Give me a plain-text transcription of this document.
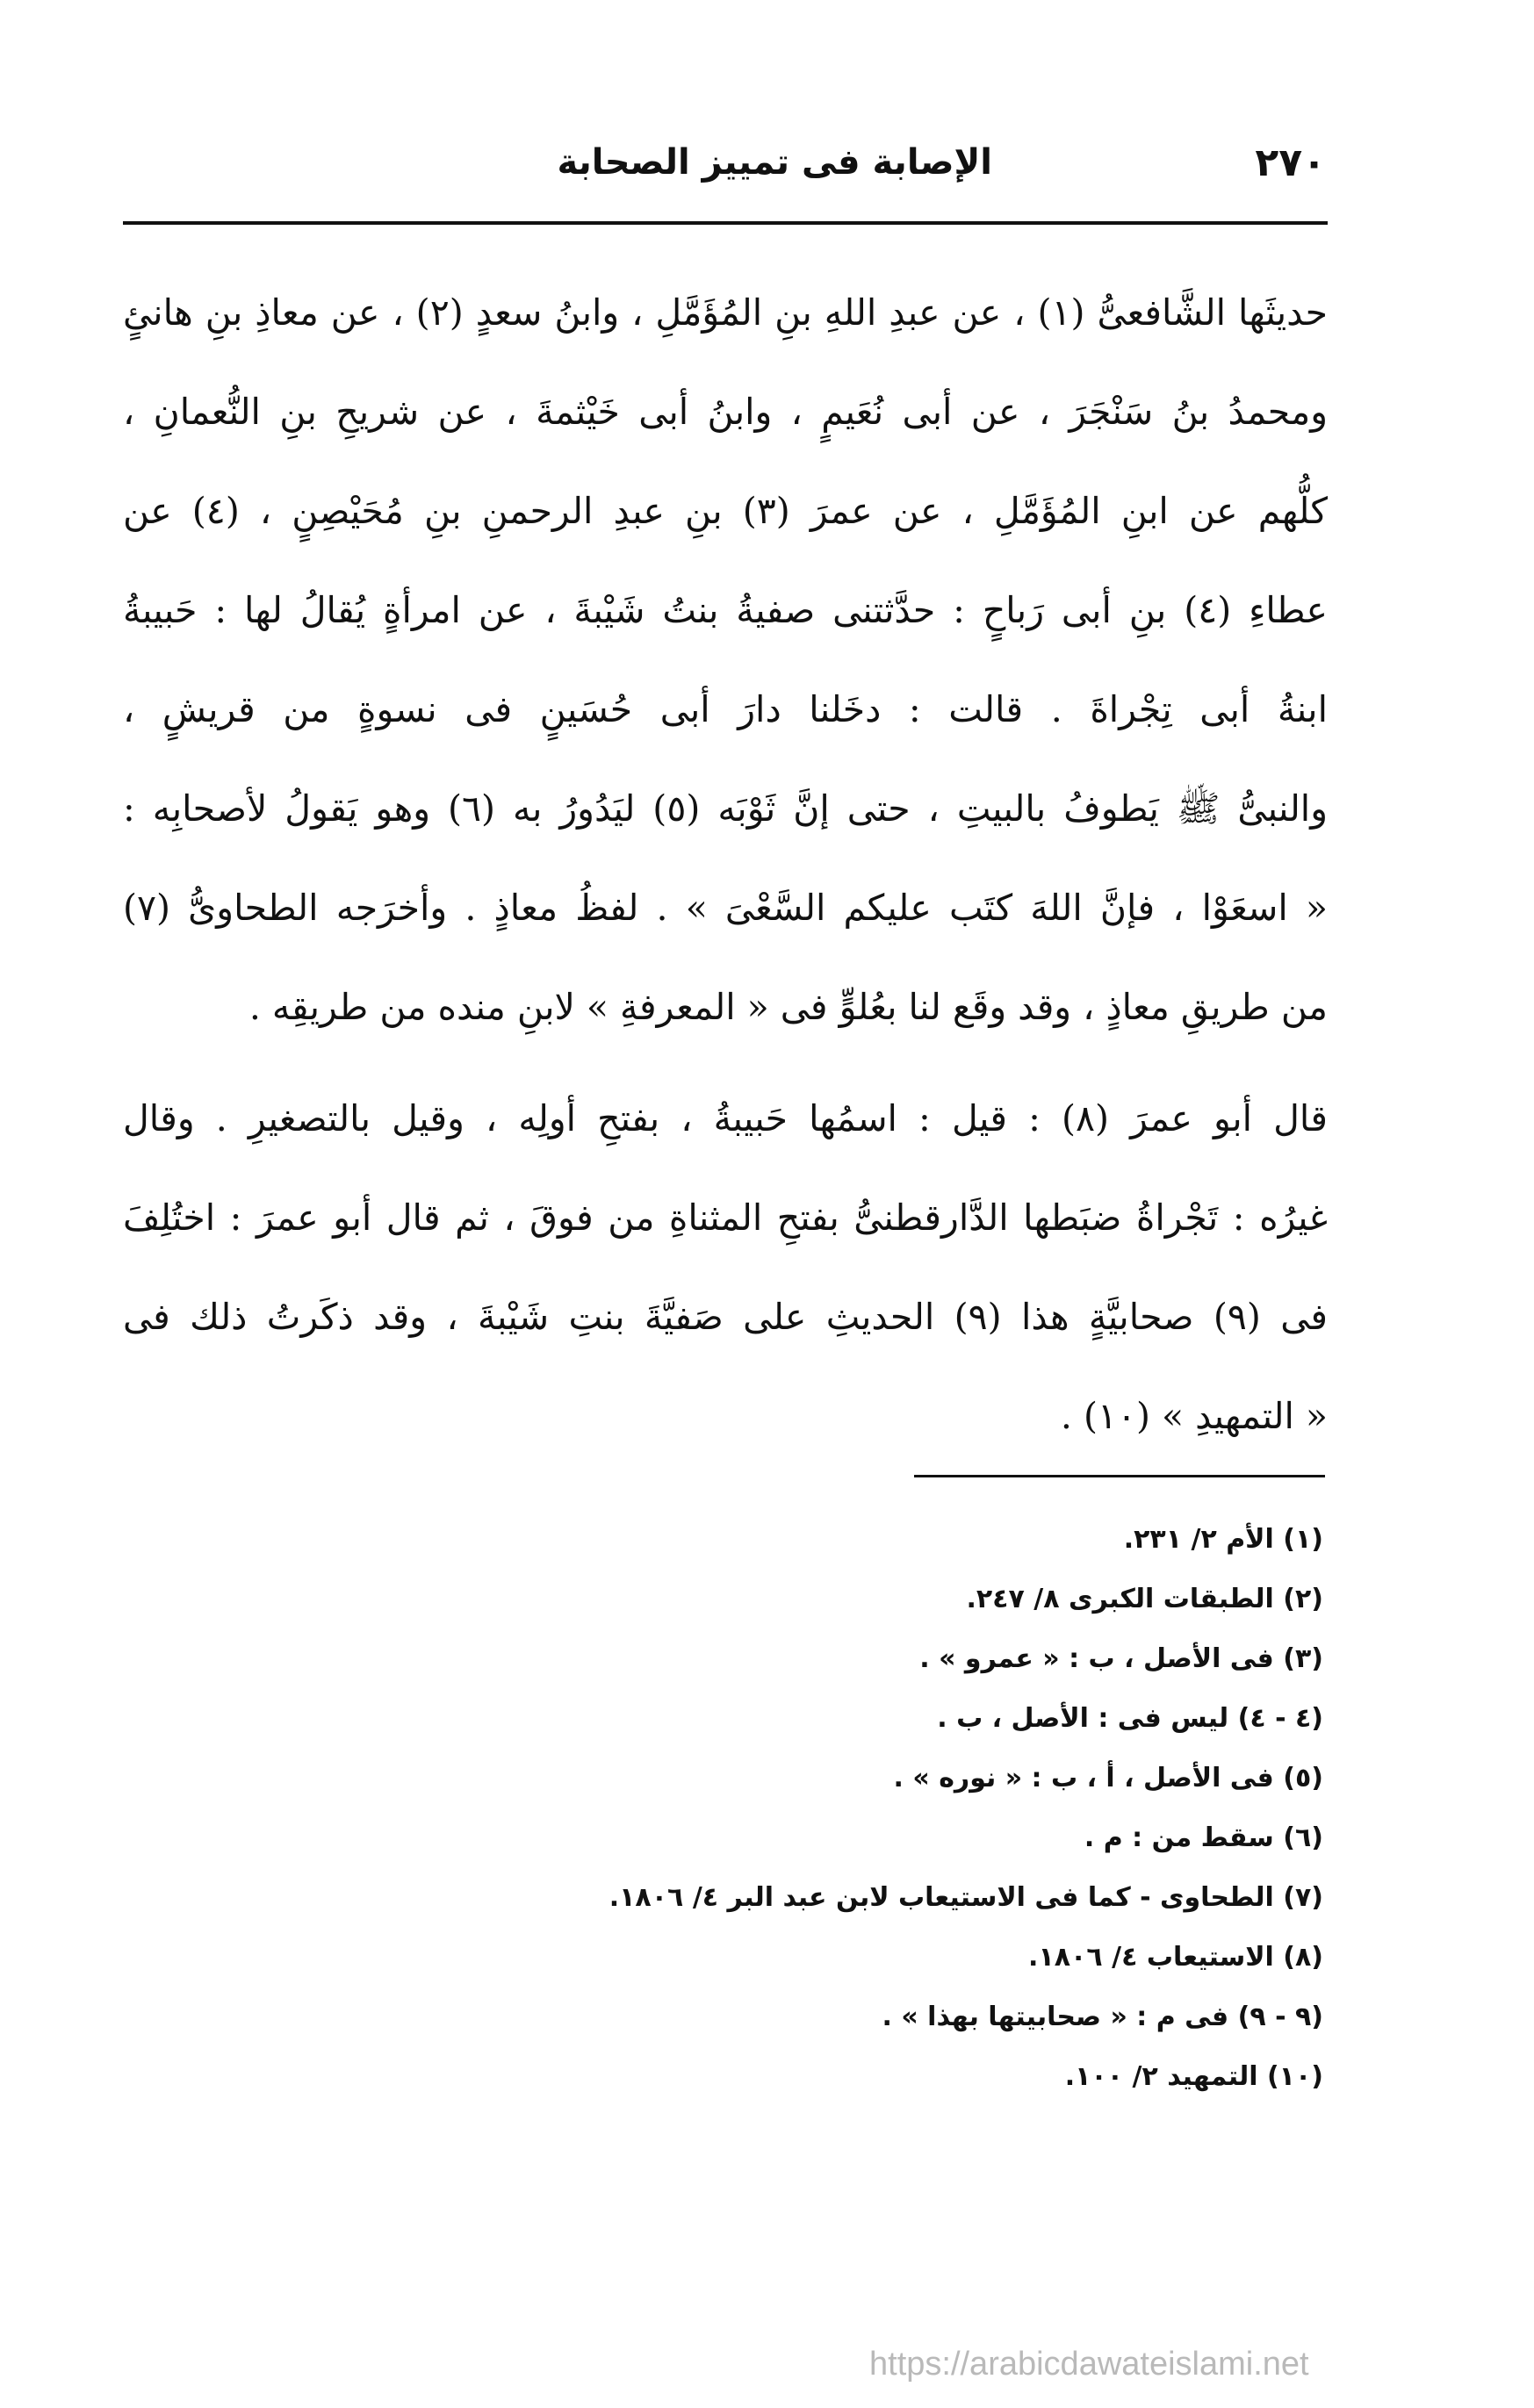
٢٧٠
الإصابة فى تمييز الصحابة
حديثَها الشَّافعىُّ (١) ، عن عبدِ اللهِ بنِ المُؤَمَّلِ ، وابنُ سعدٍ (٢) ، عن معاذِ بنِ هانئٍ
ومحمدُ بنُ سَنْجَرَ ، عن أبى نُعَيمٍ ، وابنُ أبى خَيْثمةَ ، عن شريحِ بنِ النُّعمانِ ،
كلُّهم عن ابنِ المُؤَمَّلِ ، عن عمرَ (٣) بنِ عبدِ الرحمنِ بنِ مُحَيْصِنٍ ، (٤) عن
عطاءِ (٤) بنِ أبى رَباحٍ : حدَّثتنى صفيةُ بنتُ شَيْبةَ ، عن امرأةٍ يُقالُ لها : حَبيبةُ
ابنةُ أبى تِجْراةَ . قالت : دخَلنا دارَ أبى حُسَينٍ فى نسوةٍ من قريشٍ ،
والنبىُّ ﷺ يَطوفُ بالبيتِ ، حتى إنَّ ثَوْبَه (٥) ليَدُورُ به (٦) وهو يَقولُ لأصحابِه :
« اسعَوْا ، فإنَّ اللهَ كتَب عليكم السَّعْىَ » . لفظُ معاذٍ . وأخرَجه الطحاوىُّ (٧)
من طريقِ معاذٍ ، وقد وقَع لنا بعُلوٍّ فى « المعرفةِ » لابنِ منده من طريقِه .
قال أبو عمرَ (٨) : قيل : اسمُها حَبيبةُ ، بفتحِ أولِه ، وقيل بالتصغيرِ . وقال
غيرُه : تَجْراةُ ضبَطها الدَّارقطنىُّ بفتحِ المثناةِ من فوقَ ، ثم قال أبو عمرَ : اختُلِفَ
فى (٩) صحابيَّةٍ هذا (٩) الحديثِ على صَفيَّةَ بنتِ شَيْبةَ ، وقد ذكَرتُ ذلك فى
« التمهيدِ » (١٠) .
(١) الأم ٢/ ٢٣١.
(٢) الطبقات الكبرى ٨/ ٢٤٧.
(٣) فى الأصل ، ب : « عمرو » .
(٤ - ٤) ليس فى : الأصل ، ب .
(٥) فى الأصل ، أ ، ب : « نوره » .
(٦) سقط من : م .
(٧) الطحاوى - كما فى الاستيعاب لابن عبد البر ٤/ ١٨٠٦.
(٨) الاستيعاب ٤/ ١٨٠٦.
(٩ - ٩) فى م : « صحابيتها بهذا » .
(١٠) التمهيد ٢/ ١٠٠.
https://arabicdawateislami.net
